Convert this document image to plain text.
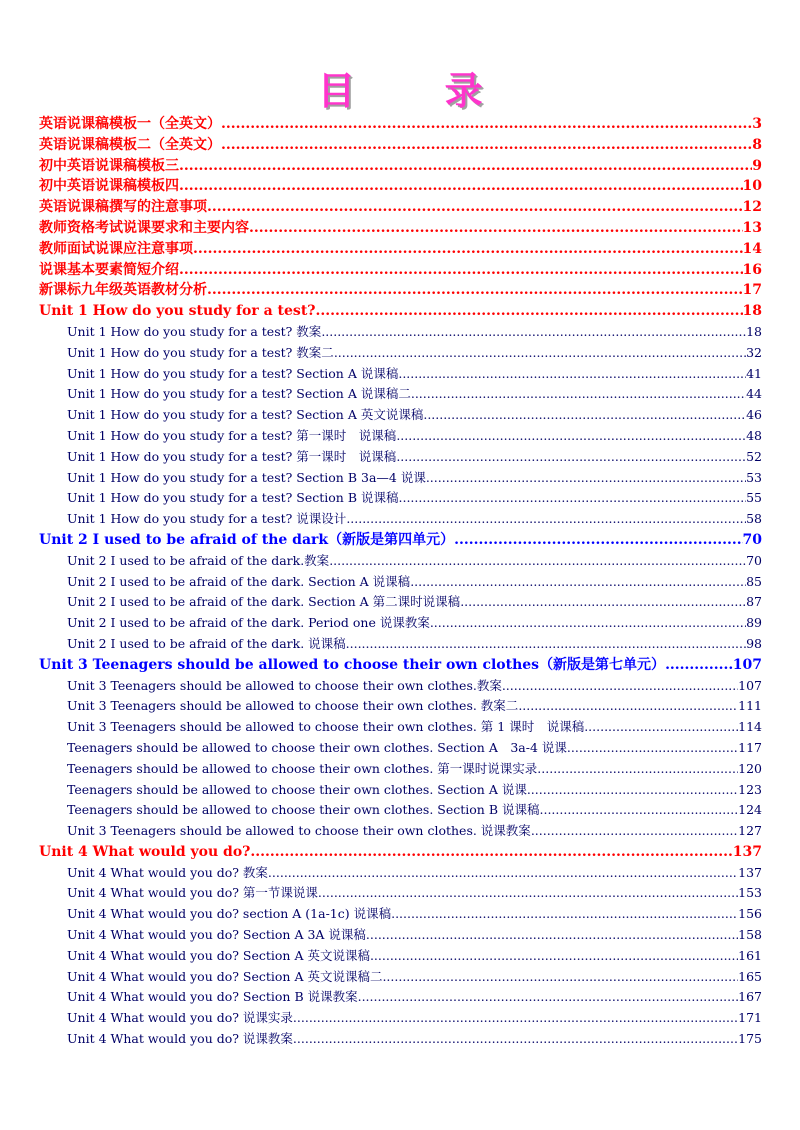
目 录
英语说课稿模板一（全英文） .....	3
英语说课稿模板二（全英文） .....	8
初中英语说课稿模板三 .....	9
初中英语说课稿模板四 .....	10
英语说课稿撰写的注意事项 .....	12
教师资格考试说课要求和主要内容 .....	13
教师面试说课应注意事项 .....	14
说课基本要素简短介绍 .....	16
新课标九年级英语教材分析 .....	17
Unit 1 How do you study for a test? .....	18
Unit 1 How do you study for a test? 教案 .....	18
Unit 1 How do you study for a test? 教案二 .....	32
Unit 1 How do you study for a test? Section A 说课稿 .....	41
Unit 1 How do you study for a test? Section A 说课稿二 .....	44
Unit 1 How do you study for a test? Section A 英文说课稿 .....	46
Unit 1 How do you study for a test? 第一课时　说课稿 .....	48
Unit 1 How do you study for a test? 第一课时　说课稿 .....	52
Unit 1 How do you study for a test? Section B 3a—4 说课 .....	53
Unit 1 How do you study for a test? Section B 说课稿 .....	55
Unit 1 How do you study for a test? 说课设计 .....	58
Unit 2 I used to be afraid of the dark（新版是第四单元） .....	70
Unit 2 I used to be afraid of the dark.教案 .....	70
Unit 2 I used to be afraid of the dark. Section A 说课稿 .....	85
Unit 2 I used to be afraid of the dark. Section A 第二课时说课稿 .....	87
Unit 2 I used to be afraid of the dark. Period one 说课教案 .....	89
Unit 2 I used to be afraid of the dark. 说课稿 .....	98
Unit 3 Teenagers should be allowed to choose their own clothes（新版是第七单元） .....	107
Unit 3 Teenagers should be allowed to choose their own clothes.教案 .....	107
Unit 3 Teenagers should be allowed to choose their own clothes. 教案二 .....	111
Unit 3 Teenagers should be allowed to choose their own clothes. 第 1 课时　说课稿 .....	114
Teenagers should be allowed to choose their own clothes. Section A　3a-4 说课 .....	117
Teenagers should be allowed to choose their own clothes. 第一课时说课实录 .....	120
Teenagers should be allowed to choose their own clothes. Section A 说课 .....	123
Teenagers should be allowed to choose their own clothes. Section B 说课稿 .....	124
Unit 3 Teenagers should be allowed to choose their own clothes. 说课教案 .....	127
Unit 4 What would you do? .....	137
Unit 4 What would you do? 教案 .....	137
Unit 4 What would you do? 第一节课说课 .....	153
Unit 4 What would you do? section A (1a-1c) 说课稿 .....	156
Unit 4 What would you do? Section A 3A 说课稿 .....	158
Unit 4 What would you do? Section A 英文说课稿 .....	161
Unit 4 What would you do? Section A 英文说课稿二 .....	165
Unit 4 What would you do? Section B 说课教案 .....	167
Unit 4 What would you do? 说课实录 .....	171
Unit 4 What would you do? 说课教案 .....	175
